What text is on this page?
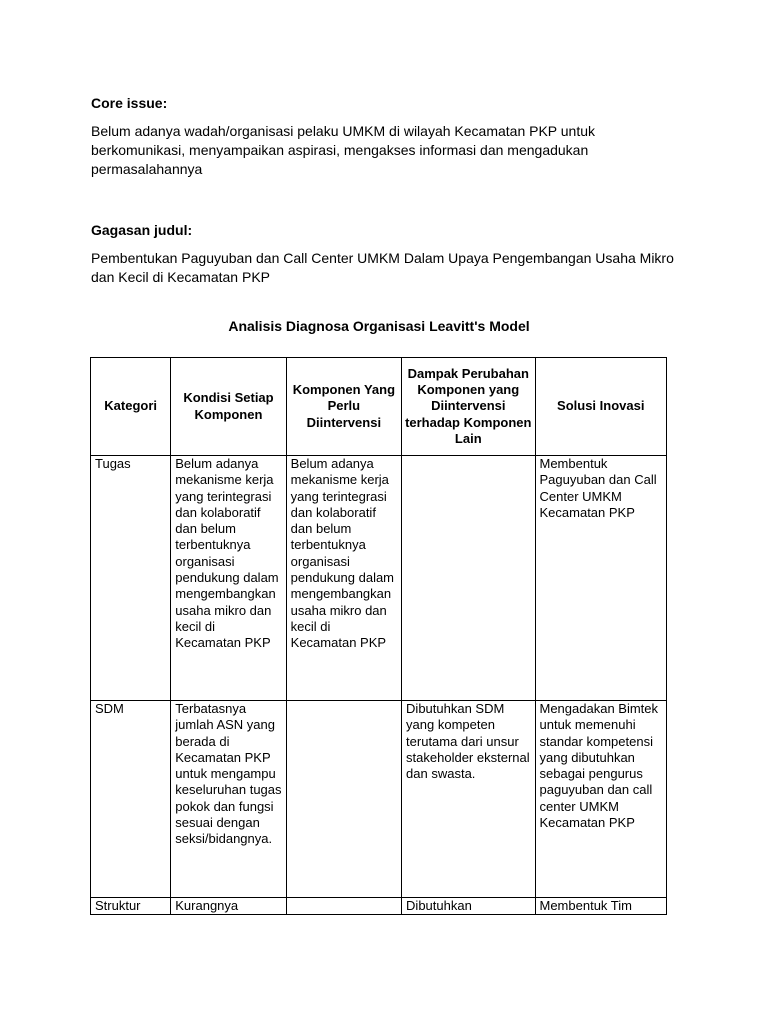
Core issue:
Belum adanya wadah/organisasi pelaku UMKM di wilayah Kecamatan PKP untuk berkomunikasi, menyampaikan aspirasi, mengakses informasi dan mengadukan permasalahannya
Gagasan judul:
Pembentukan Paguyuban dan Call Center UMKM Dalam Upaya Pengembangan Usaha Mikro dan Kecil di Kecamatan PKP
Analisis Diagnosa Organisasi Leavitt's Model
Kategori	Kondisi Setiap Komponen	Komponen Yang Perlu Diintervensi	Dampak Perubahan Komponen yang Diintervensi terhadap Komponen Lain	Solusi Inovasi

Tugas	Belum adanya mekanisme kerja yang terintegrasi dan kolaboratif dan belum terbentuknya organisasi pendukung dalam mengembangkan usaha mikro dan kecil di Kecamatan PKP	Belum adanya mekanisme kerja yang terintegrasi dan kolaboratif dan belum terbentuknya organisasi pendukung dalam mengembangkan usaha mikro dan kecil di Kecamatan PKP		Membentuk Paguyuban dan Call Center UMKM Kecamatan PKP

SDM	Terbatasnya jumlah ASN yang berada di Kecamatan PKP untuk mengampu keseluruhan tugas pokok dan fungsi sesuai dengan seksi/bidangnya.		Dibutuhkan SDM yang kompeten terutama dari unsur stakeholder eksternal dan swasta.	Mengadakan Bimtek untuk memenuhi standar kompetensi yang dibutuhkan sebagai pengurus paguyuban dan call center UMKM Kecamatan PKP

Struktur	Kurangnya		Dibutuhkan	Membentuk Tim
